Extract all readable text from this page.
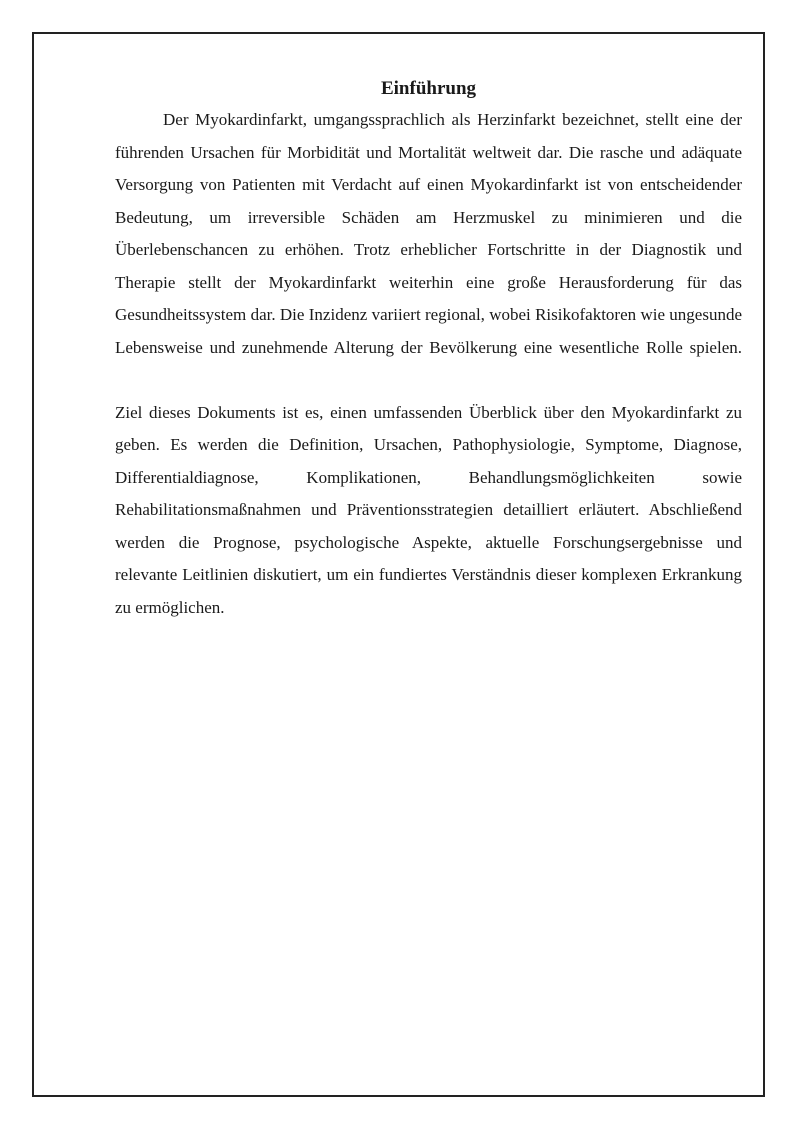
Einführung

Der Myokardinfarkt, umgangssprachlich als Herzinfarkt bezeichnet, stellt eine der führenden Ursachen für Morbidität und Mortalität weltweit dar. Die rasche und adäquate Versorgung von Patienten mit Verdacht auf einen Myokardinfarkt ist von entscheidender Bedeutung, um irreversible Schäden am Herzmuskel zu minimieren und die Überlebenschancen zu erhöhen. Trotz erheblicher Fortschritte in der Diagnostik und Therapie stellt der Myokardinfarkt weiterhin eine große Herausforderung für das Gesundheitssystem dar. Die Inzidenz variiert regional, wobei Risikofaktoren wie ungesunde Lebensweise und zunehmende Alterung der Bevölkerung eine wesentliche Rolle spielen.

Ziel dieses Dokuments ist es, einen umfassenden Überblick über den Myokardinfarkt zu geben. Es werden die Definition, Ursachen, Pathophysiologie, Symptome, Diagnose, Differentialdiagnose, Komplikationen, Behandlungsmöglichkeiten sowie Rehabilitationsmaßnahmen und Präventionsstrategien detailliert erläutert. Abschließend werden die Prognose, psychologische Aspekte, aktuelle Forschungsergebnisse und relevante Leitlinien diskutiert, um ein fundiertes Verständnis dieser komplexen Erkrankung zu ermöglichen.
